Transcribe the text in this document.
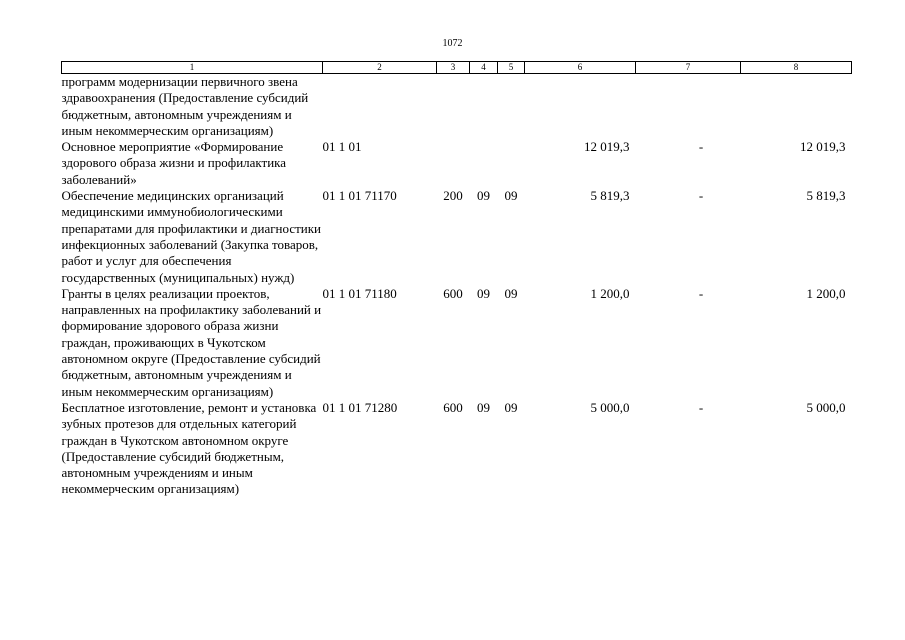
1072
1	2	3	4	5	6	7	8
программ модернизации первичного звена здравоохранения (Предоставление субсидий бюджетным, автономным учреждениям и иным некоммерческим организациям)							
Основное мероприятие «Формирование здорового образа жизни и профилактика заболеваний»	01 1 01				12 019,3	-	12 019,3
Обеспечение медицинских организаций медицинскими иммунобиологическими препаратами для профилактики и диагностики инфекционных заболеваний (Закупка товаров, работ и услуг для обеспечения государственных (муниципальных) нужд)	01 1 01 71170	200	09	09	5 819,3	-	5 819,3
Гранты в целях реализации проектов, направленных на профилактику заболеваний и формирование здорового образа жизни граждан, проживающих в Чукотском автономном округе (Предоставление субсидий бюджетным, автономным учреждениям и иным некоммерческим организациям)	01 1 01 71180	600	09	09	1 200,0	-	1 200,0
Бесплатное изготовление, ремонт и установка зубных протезов для отдельных категорий граждан в Чукотском автономном округе (Предоставление субсидий бюджетным, автономным учреждениям и иным некоммерческим организациям)	01 1 01 71280	600	09	09	5 000,0	-	5 000,0
